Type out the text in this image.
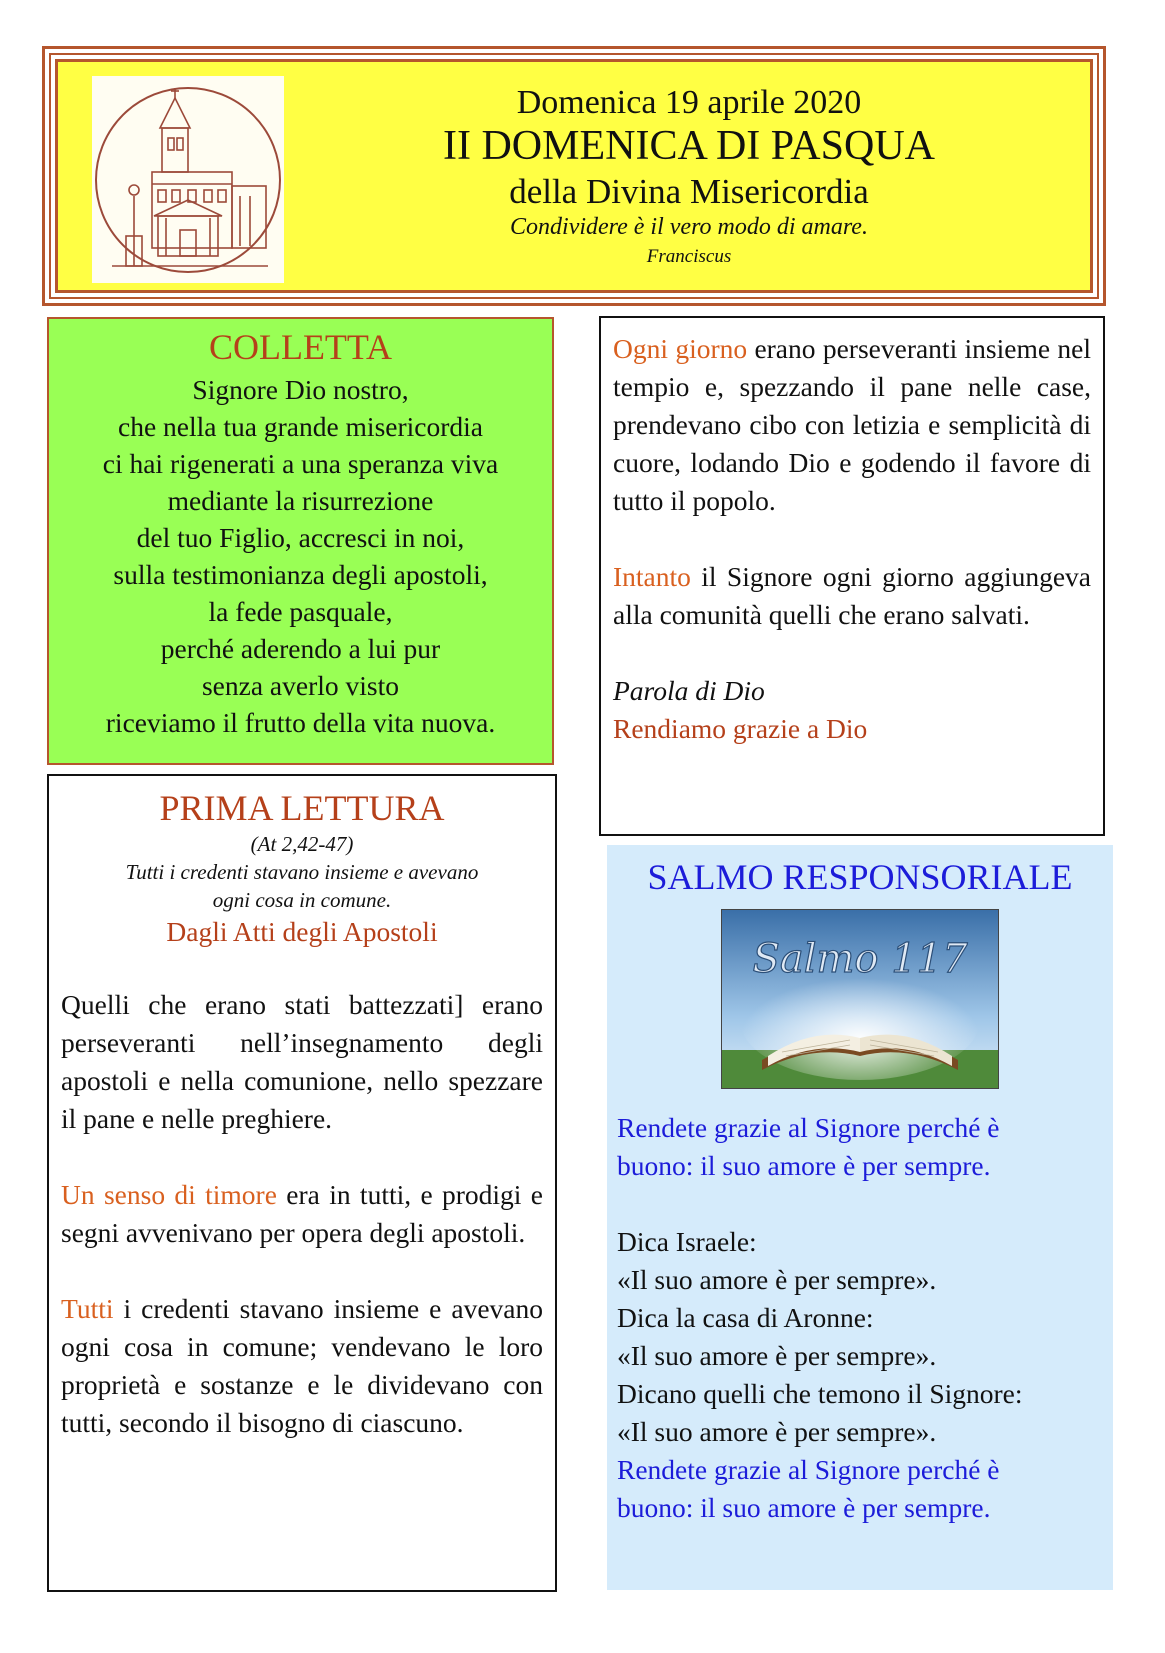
Domenica 19 aprile 2020
II DOMENICA DI PASQUA
della Divina Misericordia
Condividere è il vero modo di amare.
Franciscus
COLLETTA
Signore Dio nostro,
che nella tua grande misericordia
ci hai rigenerati a una speranza viva
mediante la risurrezione
del tuo Figlio, accresci in noi,
sulla testimonianza degli apostoli,
la fede pasquale,
perché aderendo a lui pur
senza averlo visto
riceviamo il frutto della vita nuova.
PRIMA LETTURA
(At 2,42-47)
Tutti i credenti stavano insieme e avevano
ogni cosa in comune.
Dagli Atti degli Apostoli

Quelli che erano stati battezzati] erano perseveranti nell’insegnamento degli apostoli e nella comunione, nello spezzare il pane e nelle preghiere.

Un senso di timore era in tutti, e prodigi e segni avvenivano per opera degli apostoli.

Tutti i credenti stavano insieme e avevano ogni cosa in comune; vendevano le loro proprietà e sostanze e le dividevano con tutti, secondo il bisogno di ciascuno.

Ogni giorno erano perseveranti insieme nel tempio e, spezzando il pane nelle case, prendevano cibo con letizia e semplicità di cuore, lodando Dio e godendo il favore di tutto il popolo.

Intanto il Signore ogni giorno aggiungeva alla comunità quelli che erano salvati.

Parola di Dio
Rendiamo grazie a Dio
SALMO RESPONSORIALE
Salmo 117
Rendete grazie al Signore perché è
buono: il suo amore è per sempre.
Dica Israele:
«Il suo amore è per sempre».
Dica la casa di Aronne:
«Il suo amore è per sempre».
Dicano quelli che temono il Signore:
«Il suo amore è per sempre».
Rendete grazie al Signore perché è
buono: il suo amore è per sempre.
